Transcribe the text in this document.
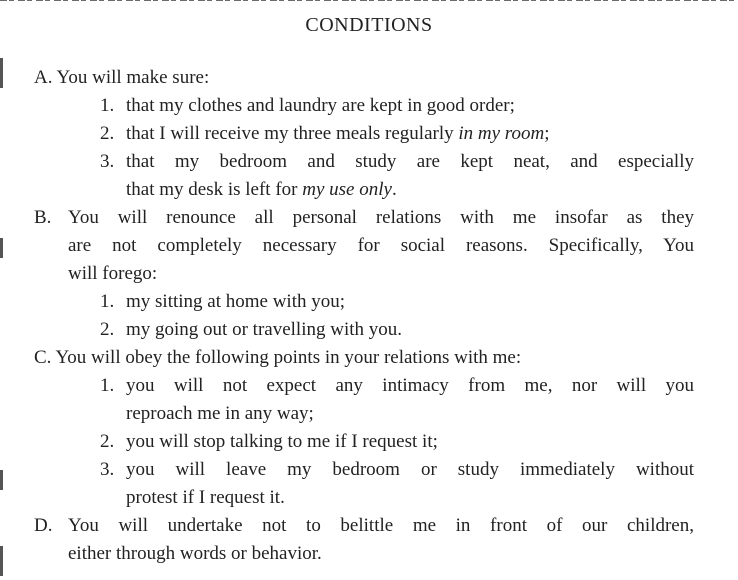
CONDITIONS
A. You will make sure:
1. that my clothes and laundry are kept in good order;
2. that I will receive my three meals regularly in my room;
3. that my bedroom and study are kept neat, and especially
that my desk is left for my use only.
B. You will renounce all personal relations with me insofar as they
are not completely necessary for social reasons. Specifically, You
will forego:
1. my sitting at home with you;
2. my going out or travelling with you.
C. You will obey the following points in your relations with me:
1. you will not expect any intimacy from me, nor will you
reproach me in any way;
2. you will stop talking to me if I request it;
3. you will leave my bedroom or study immediately without
protest if I request it.
D. You will undertake not to belittle me in front of our children,
either through words or behavior.
